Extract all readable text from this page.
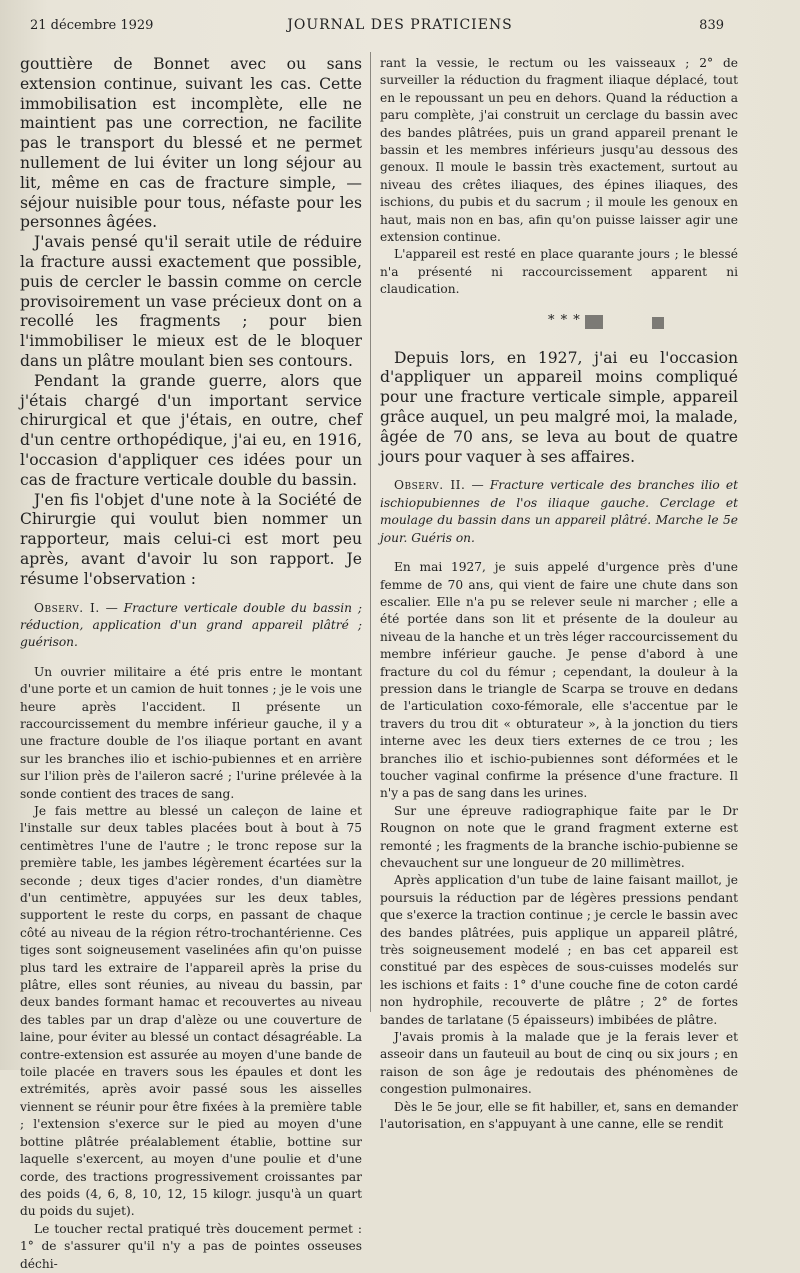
21 décembre 1929	JOURNAL DES PRATICIENS	839

gouttière de Bonnet avec ou sans extension continue, suivant les cas. Cette immobilisation est incomplète, elle ne maintient pas une correction, ne facilite pas le transport du blessé et ne permet nullement de lui éviter un long séjour au lit, même en cas de fracture simple, — séjour nuisible pour tous, néfaste pour les personnes âgées.

J'avais pensé qu'il serait utile de réduire la fracture aussi exactement que possible, puis de cercler le bassin comme on cercle provisoirement un vase précieux dont on a recollé les fragments ; pour bien l'immobiliser le mieux est de le bloquer dans un plâtre moulant bien ses contours.

Pendant la grande guerre, alors que j'étais chargé d'un important service chirurgical et que j'étais, en outre, chef d'un centre orthopédique, j'ai eu, en 1916, l'occasion d'appliquer ces idées pour un cas de fracture verticale double du bassin.

J'en fis l'objet d'une note à la Société de Chirurgie qui voulut bien nommer un rapporteur, mais celui-ci est mort peu après, avant d'avoir lu son rapport. Je résume l'observation :

Observ. I. — Fracture verticale double du bassin ; réduction, application d'un grand appareil plâtré ; guérison.

Un ouvrier militaire a été pris entre le montant d'une porte et un camion de huit tonnes ; je le vois une heure après l'accident. Il présente un raccourcissement du membre inférieur gauche, il y a une fracture double de l'os iliaque portant en avant sur les branches ilio et ischio-pubiennes et en arrière sur l'ilion près de l'aileron sacré ; l'urine prélevée à la sonde contient des traces de sang.

Je fais mettre au blessé un caleçon de laine et l'installe sur deux tables placées bout à bout à 75 centimètres l'une de l'autre ; le tronc repose sur la première table, les jambes légèrement écartées sur la seconde ; deux tiges d'acier rondes, d'un diamètre d'un centimètre, appuyées sur les deux tables, supportent le reste du corps, en passant de chaque côté au niveau de la région rétro-trochantérienne. Ces tiges sont soigneusement vaselinées afin qu'on puisse plus tard les extraire de l'appareil après la prise du plâtre, elles sont réunies, au niveau du bassin, par deux bandes formant hamac et recouvertes au niveau des tables par un drap d'alèze ou une couverture de laine, pour éviter au blessé un contact désagréable. La contre-extension est assurée au moyen d'une bande de toile placée en travers sous les épaules et dont les extrémités, après avoir passé sous les aisselles viennent se réunir pour être fixées à la première table ; l'extension s'exerce sur le pied au moyen d'une bottine plâtrée préalablement établie, bottine sur laquelle s'exercent, au moyen d'une poulie et d'une corde, des tractions progressivement croissantes par des poids (4, 6, 8, 10, 12, 15 kilogr. jusqu'à un quart du poids du sujet).

Le toucher rectal pratiqué très doucement permet : 1° de s'assurer qu'il n'y a pas de pointes osseuses déchi-

rant la vessie, le rectum ou les vaisseaux ; 2° de surveiller la réduction du fragment iliaque déplacé, tout en le repoussant un peu en dehors. Quand la réduction a paru complète, j'ai construit un cerclage du bassin avec des bandes plâtrées, puis un grand appareil prenant le bassin et les membres inférieurs jusqu'au dessous des genoux. Il moule le bassin très exactement, surtout au niveau des crêtes iliaques, des épines iliaques, des ischions, du pubis et du sacrum ; il moule les genoux en haut, mais non en bas, afin qu'on puisse laisser agir une extension continue.

L'appareil est resté en place quarante jours ; le blessé n'a présenté ni raccourcissement apparent ni claudication.

* * *

Depuis lors, en 1927, j'ai eu l'occasion d'appliquer un appareil moins compliqué pour une fracture verticale simple, appareil grâce auquel, un peu malgré moi, la malade, âgée de 70 ans, se leva au bout de quatre jours pour vaquer à ses affaires.

Observ. II. — Fracture verticale des branches ilio et ischiopubiennes de l'os iliaque gauche. Cerclage et moulage du bassin dans un appareil plâtré. Marche le 5e jour. Guéris on.

En mai 1927, je suis appelé d'urgence près d'une femme de 70 ans, qui vient de faire une chute dans son escalier. Elle n'a pu se relever seule ni marcher ; elle a été portée dans son lit et présente de la douleur au niveau de la hanche et un très léger raccourcissement du membre inférieur gauche. Je pense d'abord à une fracture du col du fémur ; cependant, la douleur à la pression dans le triangle de Scarpa se trouve en dedans de l'articulation coxo-fémorale, elle s'accentue par le travers du trou dit « obturateur », à la jonction du tiers interne avec les deux tiers externes de ce trou ; les branches ilio et ischio-pubiennes sont déformées et le toucher vaginal confirme la présence d'une fracture. Il n'y a pas de sang dans les urines.

Sur une épreuve radiographique faite par le Dr Rougnon on note que le grand fragment externe est remonté ; les fragments de la branche ischio-pubienne se chevauchent sur une longueur de 20 millimètres.

Après application d'un tube de laine faisant maillot, je poursuis la réduction par de légères pressions pendant que s'exerce la traction continue ; je cercle le bassin avec des bandes plâtrées, puis applique un appareil plâtré, très soigneusement modelé ; en bas cet appareil est constitué par des espèces de sous-cuisses modelés sur les ischions et faits : 1° d'une couche fine de coton cardé non hydrophile, recouverte de plâtre ; 2° de fortes bandes de tarlatane (5 épaisseurs) imbibées de plâtre.

J'avais promis à la malade que je la ferais lever et asseoir dans un fauteuil au bout de cinq ou six jours ; en raison de son âge je redoutais des phénomènes de congestion pulmonaires.

Dès le 5e jour, elle se fit habiller, et, sans en demander l'autorisation, en s'appuyant à une canne, elle se rendit
